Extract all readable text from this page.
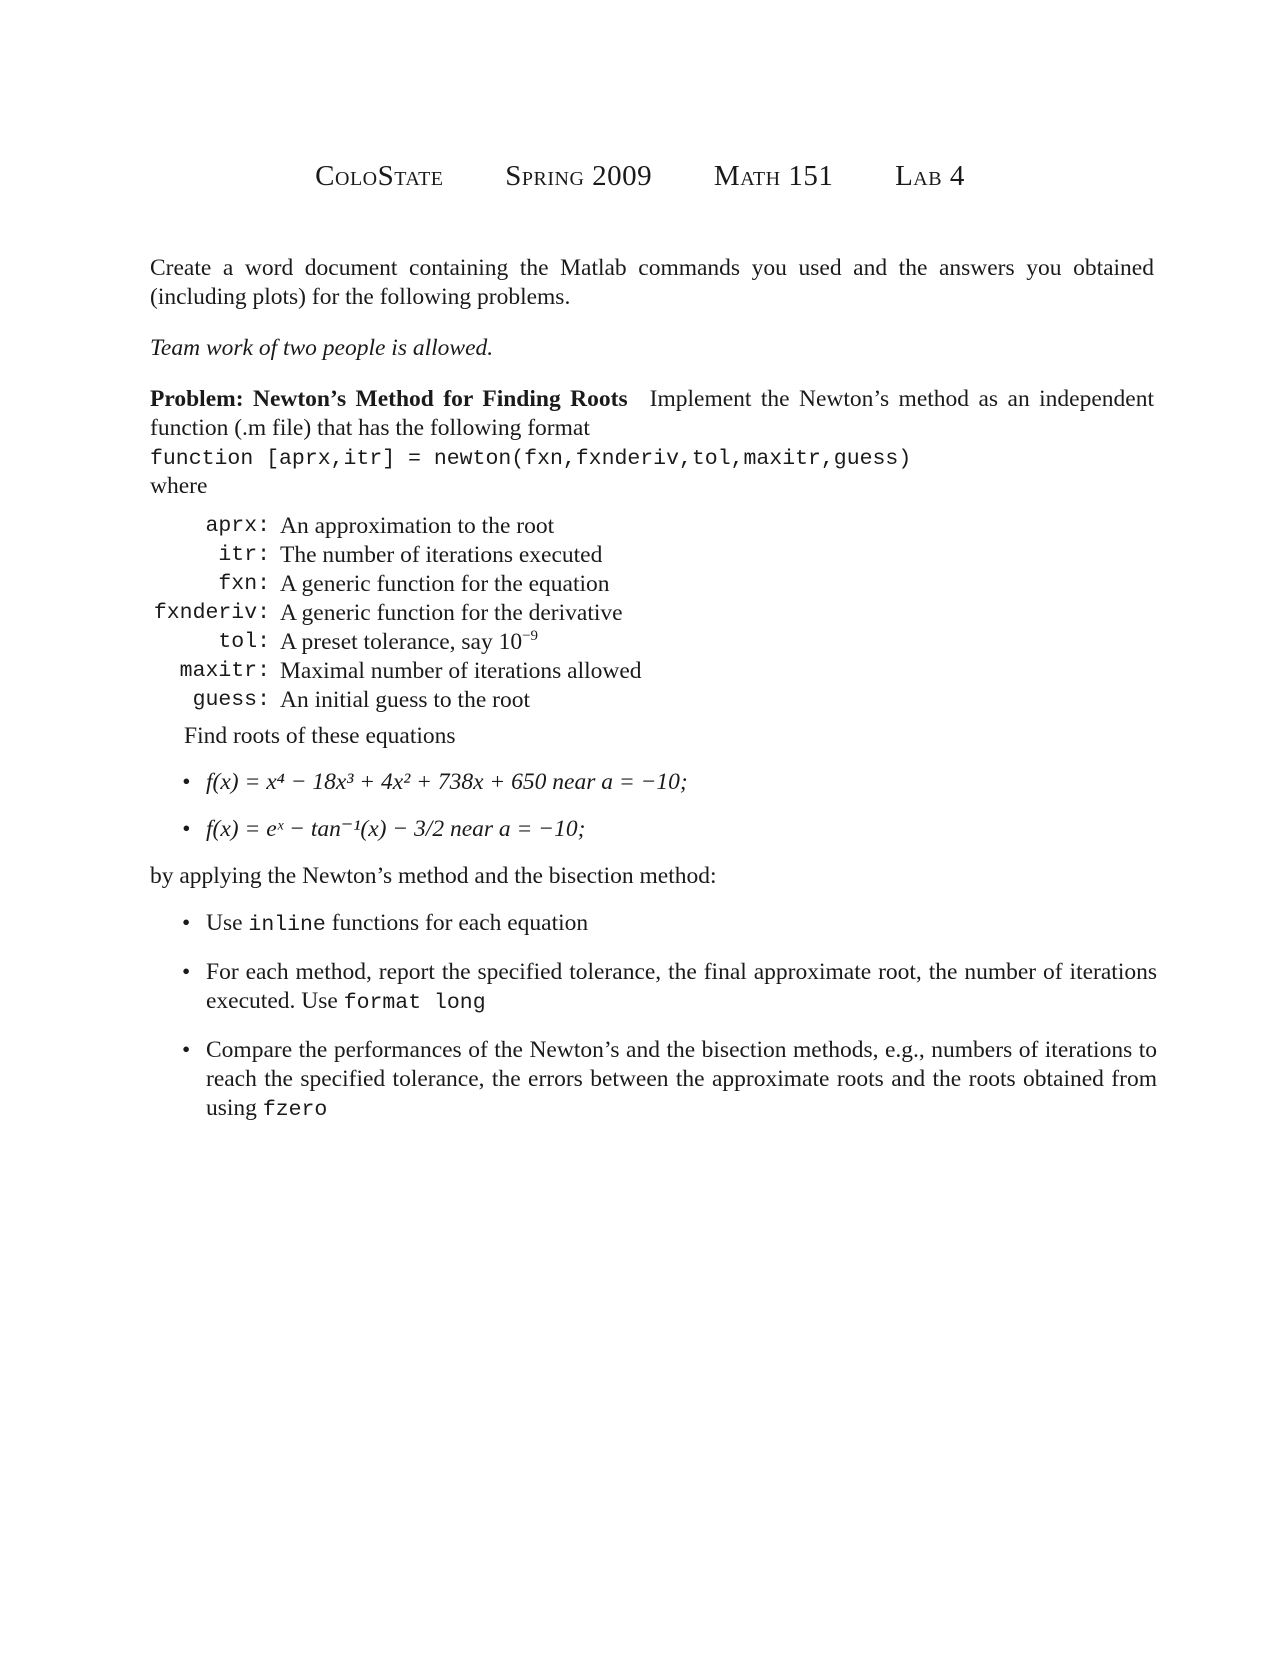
ColoState Spring 2009 Math 151 Lab 4
Create a word document containing the Matlab commands you used and the answers you obtained (including plots) for the following problems.
Team work of two people is allowed.
Problem: Newton’s Method for Finding Roots Implement the Newton’s method as an independent function (.m file) that has the following format
function [aprx,itr] = newton(fxn,fxnderiv,tol,maxitr,guess)
where
aprx: An approximation to the root
itr: The number of iterations executed
fxn: A generic function for the equation
fxnderiv: A generic function for the derivative
tol: A preset tolerance, say $10^{-9}$
maxitr: Maximal number of iterations allowed
guess: An initial guess to the root
Find roots of these equations
• f(x) = x⁴ − 18x³ + 4x² + 738x + 650 near a = −10;
• f(x) = eˣ − tan⁻¹(x) − 3/2 near a = −10;
by applying the Newton’s method and the bisection method:
• Use inline functions for each equation
• For each method, report the specified tolerance, the final approximate root, the number of iterations executed. Use format long
• Compare the performances of the Newton’s and the bisection methods, e.g., numbers of iterations to reach the specified tolerance, the errors between the approximate roots and the roots obtained from using fzero
